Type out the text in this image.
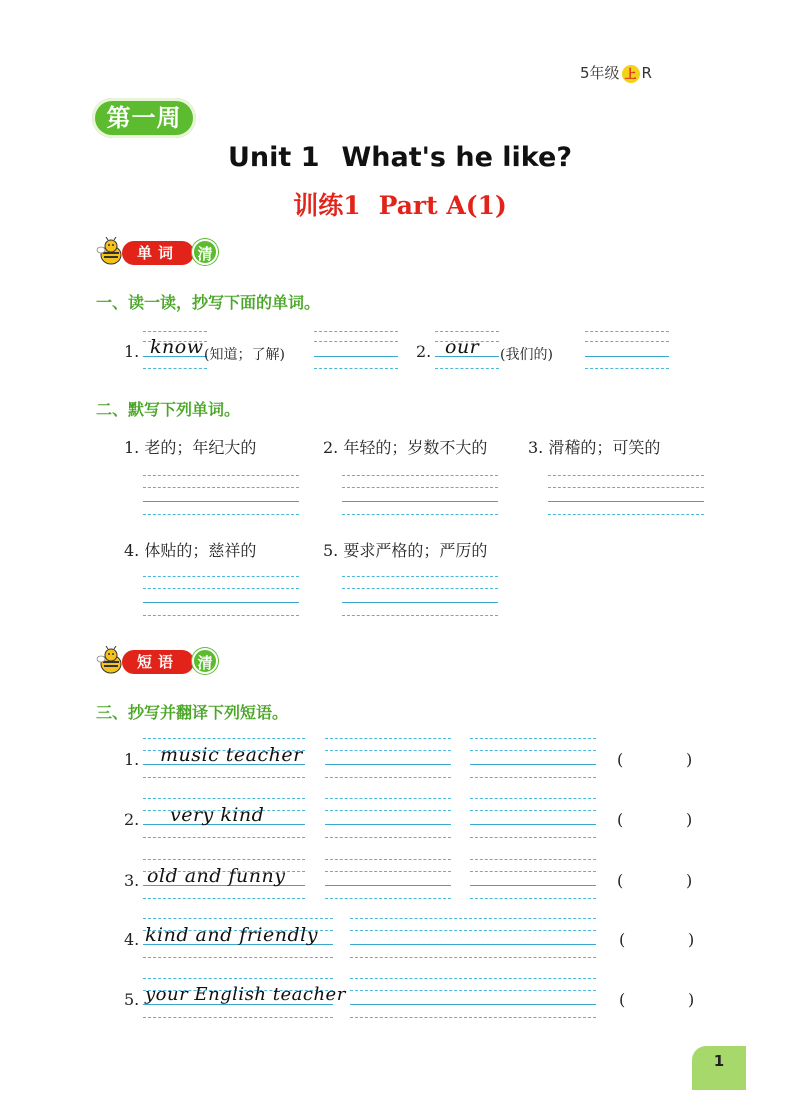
5年级 上 R
第一周
Unit 1 What's he like?
训练1 Part A(1)
单词	清
一、读一读，抄写下面的单词。
1. know (知道；了解)	2. our (我们的)
二、默写下列单词。
1. 老的；年纪大的	2. 年轻的；岁数不大的	3. 滑稽的；可笑的
4. 体贴的；慈祥的	5. 要求严格的；严厉的
短语	清
三、抄写并翻译下列短语。
1. music teacher	(	)
2. very kind	(	)
3. old and funny	(	)
4. kind and friendly	(	)
5. your English teacher	(	)
1
